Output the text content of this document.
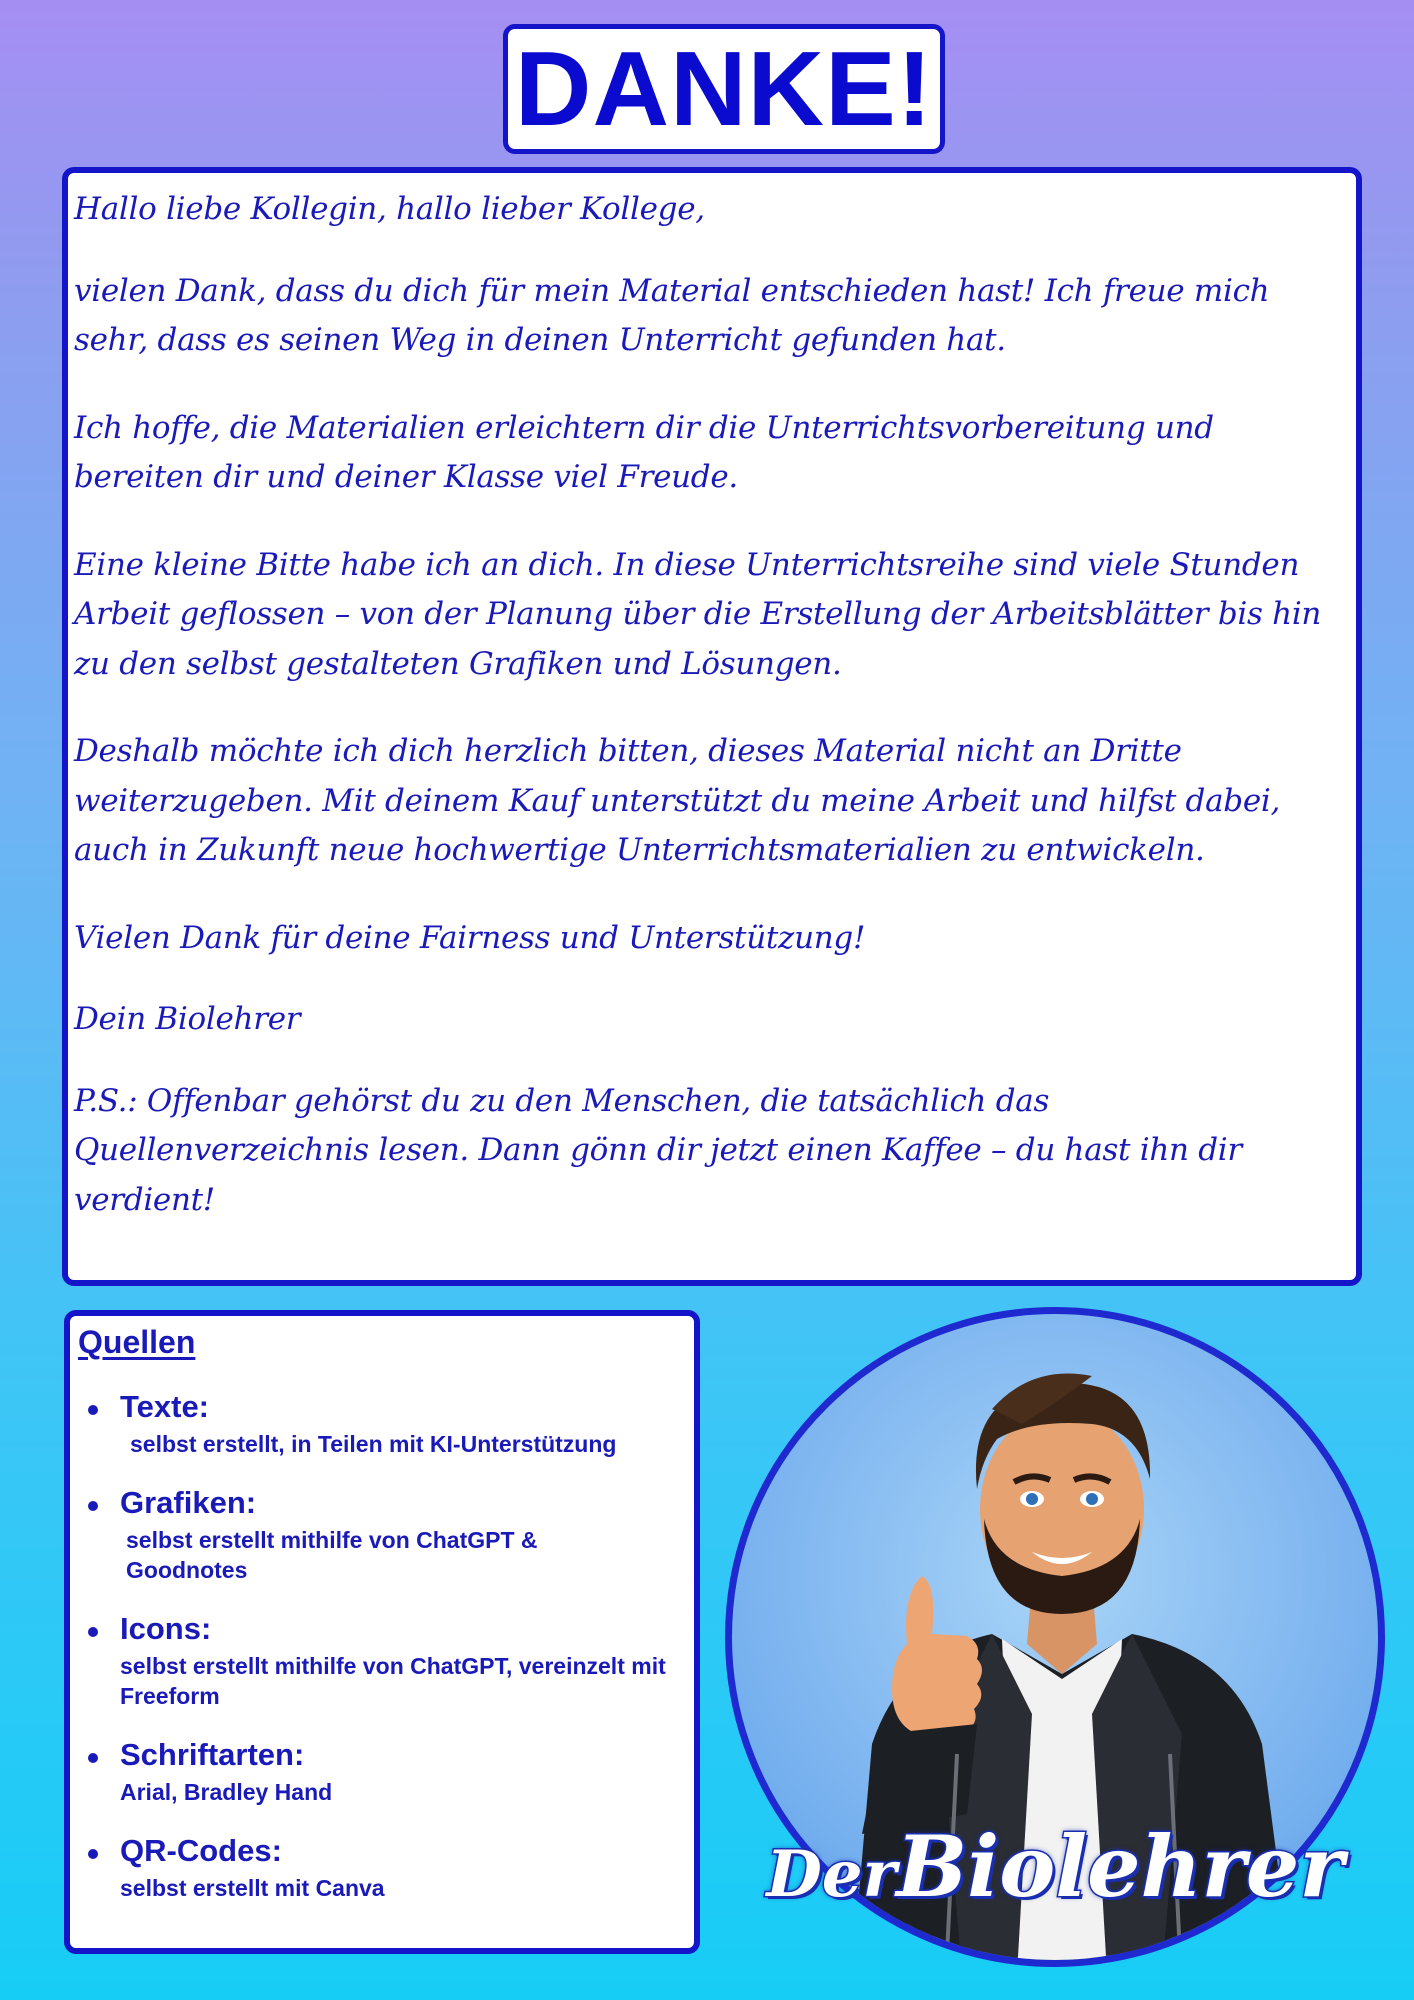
DANKE!

Hallo liebe Kollegin, hallo lieber Kollege,

vielen Dank, dass du dich für mein Material entschieden hast! Ich freue mich sehr, dass es seinen Weg in deinen Unterricht gefunden hat.

Ich hoffe, die Materialien erleichtern dir die Unterrichtsvorbereitung und bereiten dir und deiner Klasse viel Freude.

Eine kleine Bitte habe ich an dich. In diese Unterrichtsreihe sind viele Stunden Arbeit geflossen – von der Planung über die Erstellung der Arbeitsblätter bis hin zu den selbst gestalteten Grafiken und Lösungen.

Deshalb möchte ich dich herzlich bitten, dieses Material nicht an Dritte weiterzugeben. Mit deinem Kauf unterstützt du meine Arbeit und hilfst dabei, auch in Zukunft neue hochwertige Unterrichtsmaterialien zu entwickeln.

Vielen Dank für deine Fairness und Unterstützung!

Dein Biolehrer

P.S.: Offenbar gehörst du zu den Menschen, die tatsächlich das Quellenverzeichnis lesen. Dann gönn dir jetzt einen Kaffee – du hast ihn dir verdient!

Quellen
Texte:
selbst erstellt, in Teilen mit KI-Unterstützung
Grafiken:
selbst erstellt mithilfe von ChatGPT & Goodnotes
Icons:
selbst erstellt mithilfe von ChatGPT, vereinzelt mit Freeform
Schriftarten:
Arial, Bradley Hand
QR-Codes:
selbst erstellt mit Canva	DerBiolehrer
